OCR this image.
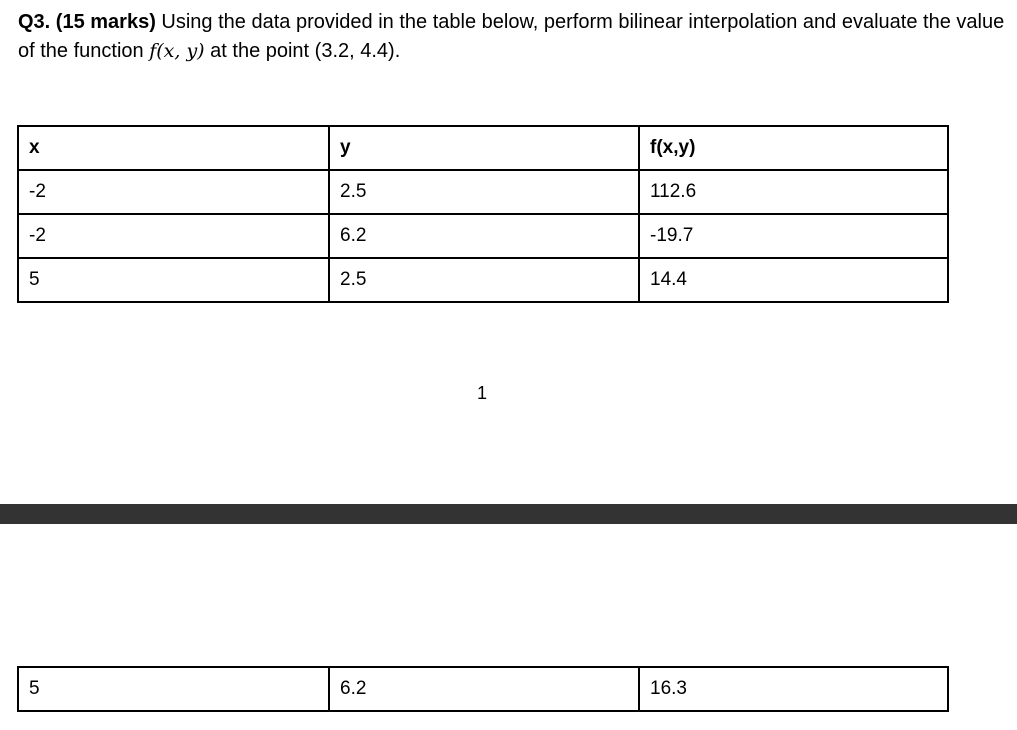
Q3. (15 marks) Using the data provided in the table below, perform bilinear interpolation and evaluate the value of the function f(x, y) at the point (3.2, 4.4).

x	y	f(x,y)
-2	2.5	112.6
-2	6.2	-19.7
5	2.5	14.4
1
5	6.2	16.3
